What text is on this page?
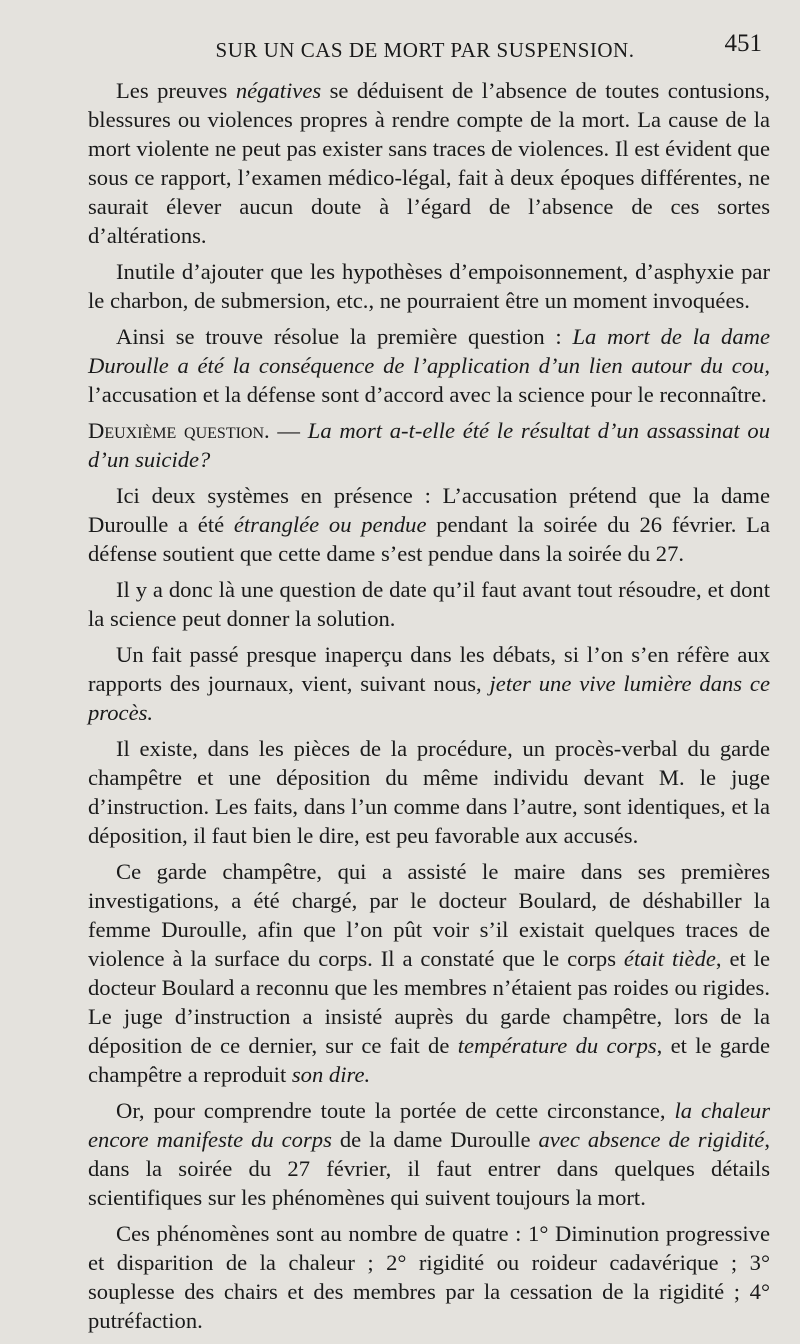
SUR UN CAS DE MORT PAR SUSPENSION.	451

Les preuves négatives se déduisent de l’absence de toutes contusions, blessures ou violences propres à rendre compte de la mort. La cause de la mort violente ne peut pas exister sans traces de violences. Il est évident que sous ce rapport, l’examen médico-légal, fait à deux époques différentes, ne saurait élever aucun doute à l’égard de l’absence de ces sortes d’altérations.

Inutile d’ajouter que les hypothèses d’empoisonnement, d’asphyxie par le charbon, de submersion, etc., ne pourraient être un moment invoquées.

Ainsi se trouve résolue la première question : La mort de la dame Duroulle a été la conséquence de l’application d’un lien autour du cou, l’accusation et la défense sont d’accord avec la science pour le reconnaître.

Deuxième question. — La mort a-t-elle été le résultat d’un assassinat ou d’un suicide?

Ici deux systèmes en présence : L’accusation prétend que la dame Duroulle a été étranglée ou pendue pendant la soirée du 26 février. La défense soutient que cette dame s’est pendue dans la soirée du 27.

Il y a donc là une question de date qu’il faut avant tout résoudre, et dont la science peut donner la solution.

Un fait passé presque inaperçu dans les débats, si l’on s’en réfère aux rapports des journaux, vient, suivant nous, jeter une vive lumière dans ce procès.

Il existe, dans les pièces de la procédure, un procès-verbal du garde champêtre et une déposition du même individu devant M. le juge d’instruction. Les faits, dans l’un comme dans l’autre, sont identiques, et la déposition, il faut bien le dire, est peu favorable aux accusés.

Ce garde champêtre, qui a assisté le maire dans ses premières investigations, a été chargé, par le docteur Boulard, de déshabiller la femme Duroulle, afin que l’on pût voir s’il existait quelques traces de violence à la surface du corps. Il a constaté que le corps était tiède, et le docteur Boulard a reconnu que les membres n’étaient pas roides ou rigides. Le juge d’instruction a insisté auprès du garde champêtre, lors de la déposition de ce dernier, sur ce fait de température du corps, et le garde champêtre a reproduit son dire.

Or, pour comprendre toute la portée de cette circonstance, la chaleur encore manifeste du corps de la dame Duroulle avec absence de rigidité, dans la soirée du 27 février, il faut entrer dans quelques détails scientifiques sur les phénomènes qui suivent toujours la mort.

Ces phénomènes sont au nombre de quatre : 1° Diminution progressive et disparition de la chaleur ; 2° rigidité ou roideur cadavérique ; 3° souplesse des chairs et des membres par la cessation de la rigidité ; 4° putréfaction.
